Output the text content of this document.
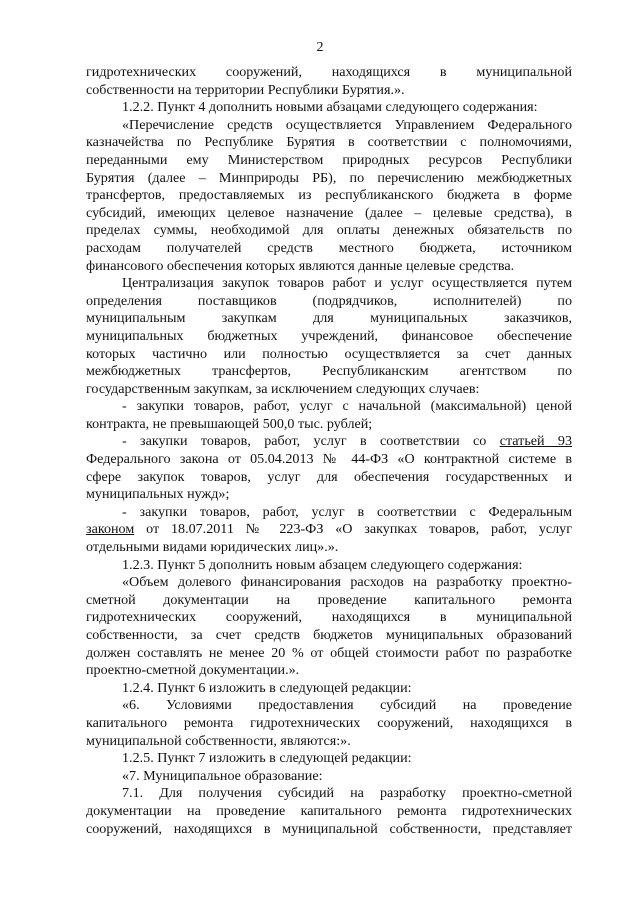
2
гидротехнических сооружений, находящихся в муниципальной
собственности на территории Республики Бурятия.».
1.2.2. Пункт 4 дополнить новыми абзацами следующего содержания:
«Перечисление средств осуществляется Управлением Федерального
казначейства по Республике Бурятия в соответствии с полномочиями,
переданными ему Министерством природных ресурсов Республики
Бурятия (далее – Минприроды РБ), по перечислению межбюджетных
трансфертов, предоставляемых из республиканского бюджета в форме
субсидий, имеющих целевое назначение (далее – целевые средства), в
пределах суммы, необходимой для оплаты денежных обязательств по
расходам получателей средств местного бюджета, источником
финансового обеспечения которых являются данные целевые средства.
Централизация закупок товаров работ и услуг осуществляется путем
определения поставщиков (подрядчиков, исполнителей) по
муниципальным закупкам для муниципальных заказчиков,
муниципальных бюджетных учреждений, финансовое обеспечение
которых частично или полностью осуществляется за счет данных
межбюджетных трансфертов, Республиканским агентством по
государственным закупкам, за исключением следующих случаев:
- закупки товаров, работ, услуг с начальной (максимальной) ценой
контракта, не превышающей 500,0 тыс. рублей;
- закупки товаров, работ, услуг в соответствии со статьей 93
Федерального закона от 05.04.2013 № 44-ФЗ «О контрактной системе в
сфере закупок товаров, услуг для обеспечения государственных и
муниципальных нужд»;
- закупки товаров, работ, услуг в соответствии с Федеральным
законом от 18.07.2011 № 223-ФЗ «О закупках товаров, работ, услуг
отдельными видами юридических лиц».».
1.2.3. Пункт 5 дополнить новым абзацем следующего содержания:
«Объем долевого финансирования расходов на разработку проектно-
сметной документации на проведение капитального ремонта
гидротехнических сооружений, находящихся в муниципальной
собственности, за счет средств бюджетов муниципальных образований
должен составлять не менее 20 % от общей стоимости работ по разработке
проектно-сметной документации.».
1.2.4. Пункт 6 изложить в следующей редакции:
«6. Условиями предоставления субсидий на проведение
капитального ремонта гидротехнических сооружений, находящихся в
муниципальной собственности, являются:».
1.2.5. Пункт 7 изложить в следующей редакции:
«7. Муниципальное образование:
7.1. Для получения субсидий на разработку проектно-сметной
документации на проведение капитального ремонта гидротехнических
сооружений, находящихся в муниципальной собственности, представляет
